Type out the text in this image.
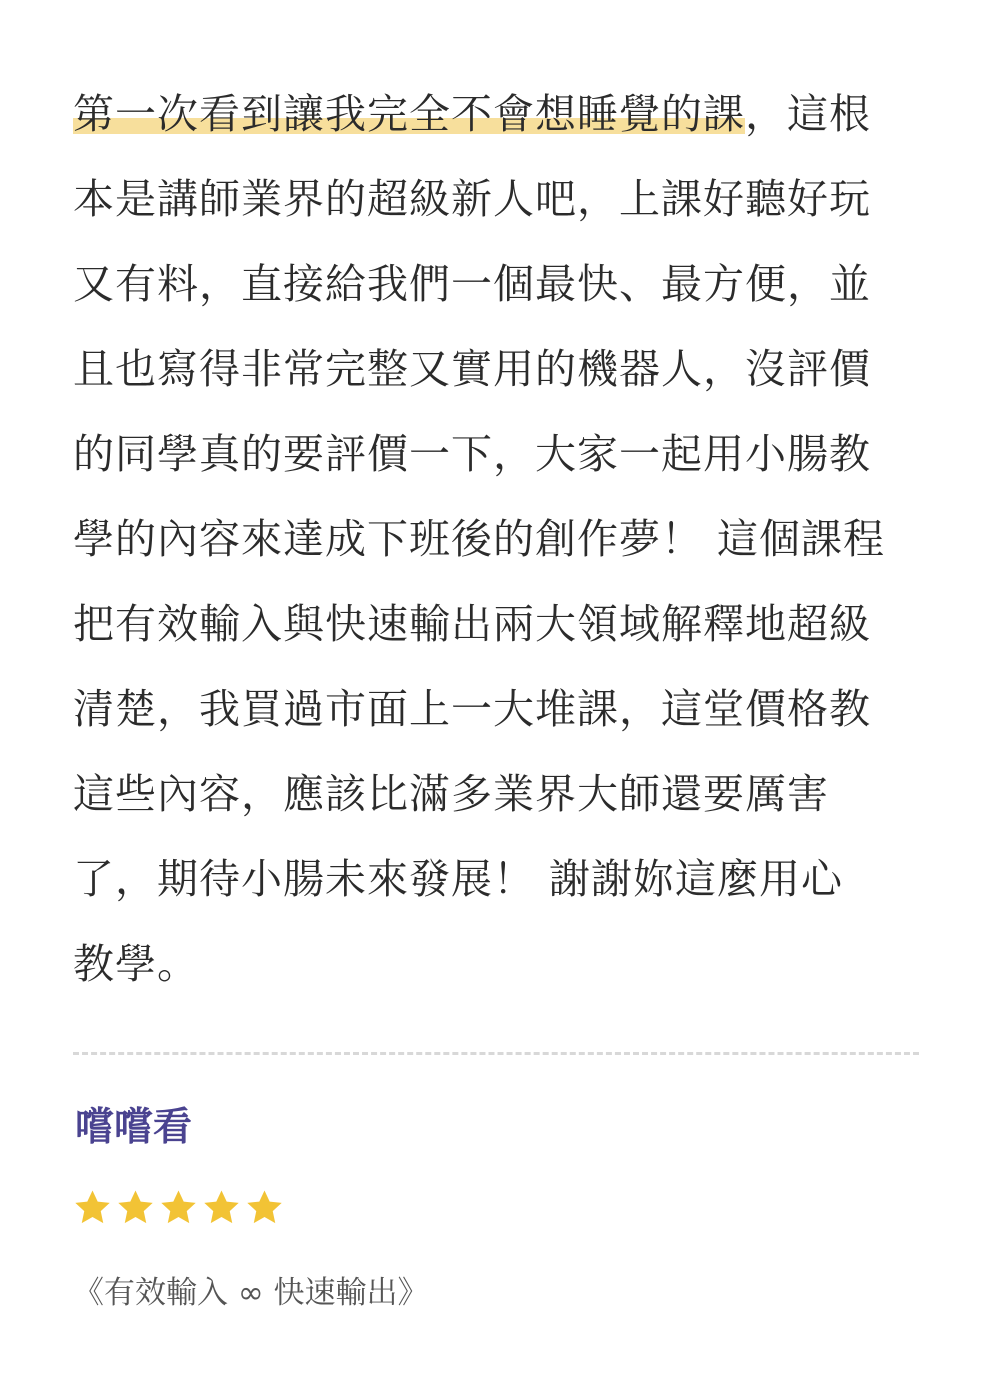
第一次看到讓我完全不會想睡覺的課，這根
本是講師業界的超級新人吧，上課好聽好玩
又有料，直接給我們一個最快、最方便，並
且也寫得非常完整又實用的機器人，沒評價
的同學真的要評價一下，大家一起用小腸教
學的內容來達成下班後的創作夢！ 這個課程
把有效輸入與快速輸出兩大領域解釋地超級
清楚，我買過市面上一大堆課，這堂價格教
這些內容，應該比滿多業界大師還要厲害
了，期待小腸未來發展！ 謝謝妳這麼用心
教學。
嚐嚐看
《有效輸入 ∞ 快速輸出》
